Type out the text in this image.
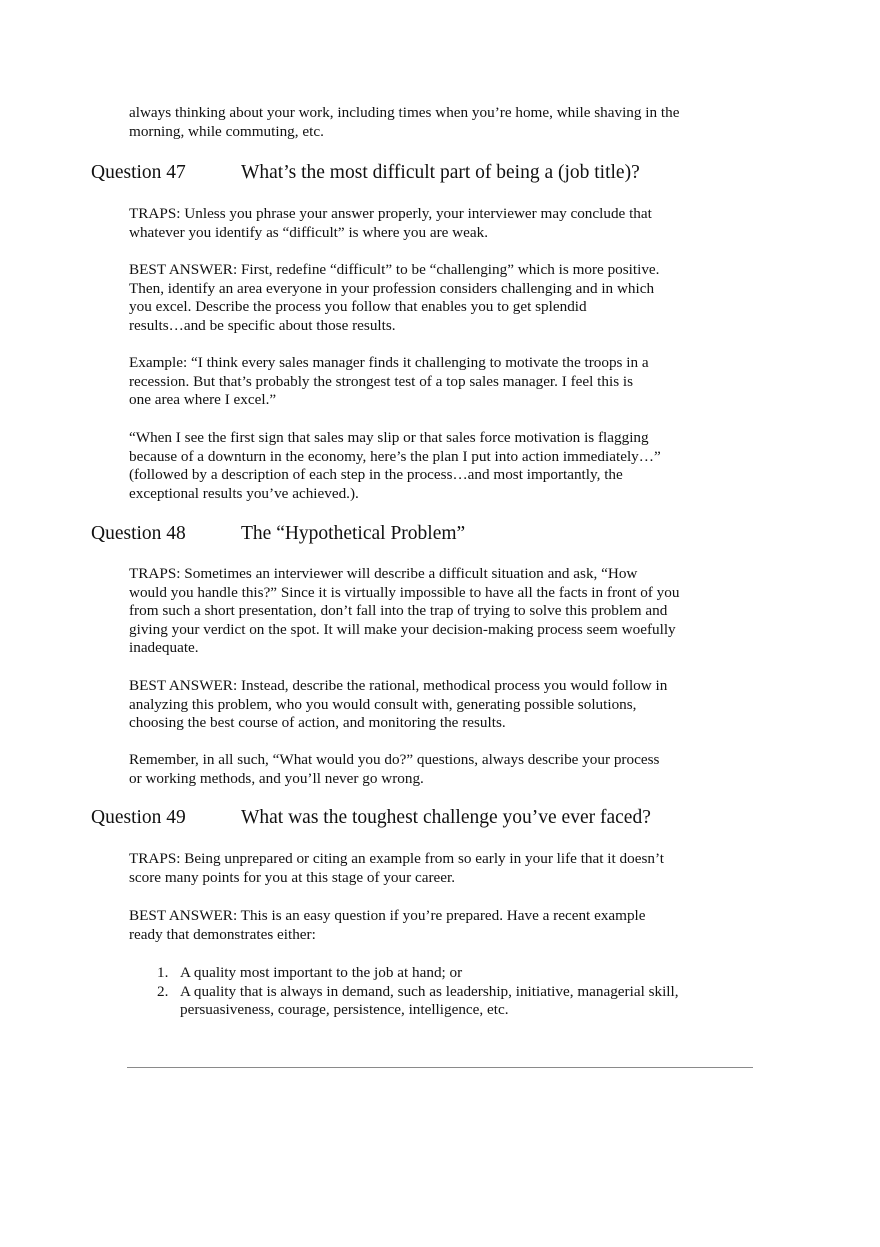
always thinking about your work, including times when you’re home, while shaving in the
morning, while commuting, etc.

Question 47	What’s the most difficult part of being a (job title)?

TRAPS: Unless you phrase your answer properly, your interviewer may conclude that
whatever you identify as “difficult” is where you are weak.

BEST ANSWER: First, redefine “difficult” to be “challenging” which is more positive.
Then, identify an area everyone in your profession considers challenging and in which
you excel. Describe the process you follow that enables you to get splendid
results…and be specific about those results.

Example: “I think every sales manager finds it challenging to motivate the troops in a
recession. But that’s probably the strongest test of a top sales manager. I feel this is
one area where I excel.”

“When I see the first sign that sales may slip or that sales force motivation is flagging
because of a downturn in the economy, here’s the plan I put into action immediately…”
(followed by a description of each step in the process…and most importantly, the
exceptional results you’ve achieved.).

Question 48	The “Hypothetical Problem”

TRAPS: Sometimes an interviewer will describe a difficult situation and ask, “How
would you handle this?” Since it is virtually impossible to have all the facts in front of you
from such a short presentation, don’t fall into the trap of trying to solve this problem and
giving your verdict on the spot. It will make your decision-making process seem woefully
inadequate.

BEST ANSWER: Instead, describe the rational, methodical process you would follow in
analyzing this problem, who you would consult with, generating possible solutions,
choosing the best course of action, and monitoring the results.

Remember, in all such, “What would you do?” questions, always describe your process
or working methods, and you’ll never go wrong.

Question 49	What was the toughest challenge you’ve ever faced?

TRAPS: Being unprepared or citing an example from so early in your life that it doesn’t
score many points for you at this stage of your career.

BEST ANSWER: This is an easy question if you’re prepared. Have a recent example
ready that demonstrates either:

1. A quality most important to the job at hand; or
2. A quality that is always in demand, such as leadership, initiative, managerial skill,
persuasiveness, courage, persistence, intelligence, etc.
